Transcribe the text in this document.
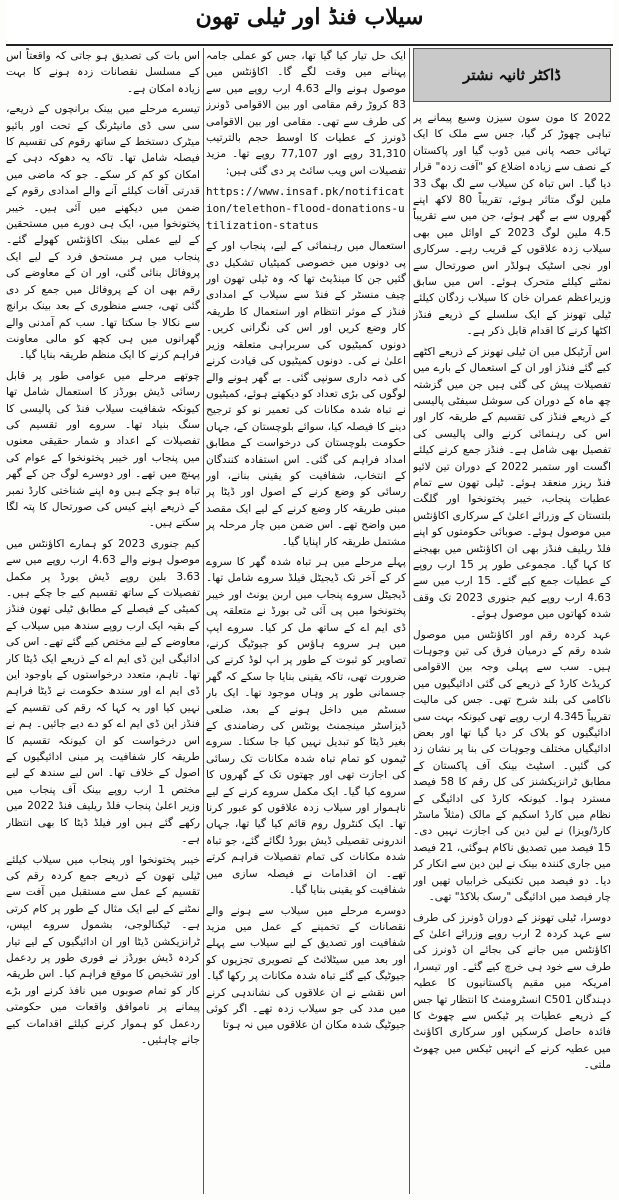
سیلاب فنڈ اور ٹیلی تھون
ڈاکٹر ثانیہ نشتر

2022 کا مون سون سیزن وسیع پیمانے پر تباہی چھوڑ کر گیا، جس سے ملک کا ایک تہائی حصہ پانی میں ڈوب گیا اور پاکستان کے نصف سے زیادہ اضلاع کو "آفت زدہ" قرار دیا گیا۔ اس تباہ کن سیلاب سے لگ بھگ 33 ملین لوگ متاثر ہوئے، تقریباً 80 لاکھ اپنے گھروں سے بے گھر ہوئے، جن میں سے تقریباً 4.5 ملین لوگ 2023 کے اوائل میں بھی سیلاب زدہ علاقوں کے قریب رہے۔ سرکاری اور نجی اسٹیک ہولڈر اس صورتحال سے نمٹنے کیلئے متحرک ہوئے۔ اس میں سابق وزیراعظم عمران خان کا سیلاب زدگان کیلئے ٹیلی تھونز کے ایک سلسلے کے ذریعے فنڈز اکٹھا کرنے کا اقدام قابل ذکر ہے۔

اس آرٹیکل میں ان ٹیلی تھونز کے ذریعے اکٹھے کیے گئے فنڈز اور ان کے استعمال کے بارے میں تفصیلات پیش کی گئی ہیں جن میں گزشتہ چھ ماہ کے دوران کی سوشل سیفٹی پالیسی کے ذریعے فنڈز کی تقسیم کے طریقہ کار اور اس کی رہنمائی کرنے والی پالیسی کی تفصیل بھی شامل ہے۔ فنڈز جمع کرنے کیلئے اگست اور ستمبر 2022 کے دوران تین لائیو فنڈ ریزر منعقد ہوئے۔ ٹیلی تھون سے تمام عطیات پنجاب، خیبر پختونخوا اور گلگت بلتستان کے وزرائے اعلیٰ کے سرکاری اکاؤنٹس میں موصول ہوئے۔ صوبائی حکومتوں کو اپنے فلڈ ریلیف فنڈز بھی ان اکاؤنٹس میں بھیجنے کا کہا گیا۔ مجموعی طور پر 15 ارب روپے کے عطیات جمع کیے گئے۔ 15 ارب میں سے 4.63 ارب روپے کیم جنوری 2023 تک وقف شدہ کھاتوں میں موصول ہوئے۔

عہد کردہ رقم اور اکاؤنٹس میں موصول شدہ رقم کے درمیان فرق کی تین وجوہات ہیں۔ سب سے پہلی وجہ بین الاقوامی کریڈٹ کارڈ کے ذریعے کی گئی ادائیگیوں میں ناکامی کی بلند شرح تھی۔ جس کی مالیت تقریباً 4.345 ارب روپے تھی کیونکہ بہت سی ادائیگیوں کو بلاک کر دیا گیا تھا اور بعض ادائیگیاں مختلف وجوہات کی بنا پر نشان زد کی گئیں۔ اسٹیٹ بینک آف پاکستان کے مطابق ٹرانزیکشنز کی کل رقم کا 58 فیصد مسترد ہوا۔ کیونکہ کارڈ کی ادائیگی کے نظام میں کارڈ اسکیم کے مالک (مثلاً ماسٹر کارڈ/ویزا) نے لین دین کی اجازت نہیں دی۔ 15 فیصد میں تصدیق ناکام ہوگئی، 21 فیصد میں جاری کنندہ بینک نے لین دین سے انکار کر دیا۔ دو فیصد میں تکنیکی خرابیاں تھیں اور چار فیصد میں ادائیگی "رسک بلاکڈ" تھی۔

دوسرا، ٹیلی تھونز کے دوران ڈونرز کی طرف سے عہد کردہ 2 ارب روپے وزرائے اعلیٰ کے اکاؤنٹس میں جانے کی بجائے ان ڈونرز کی طرف سے خود ہی خرچ کیے گئے۔ اور تیسرا، امریکہ میں مقیم پاکستانیوں کا عطیہ دہندگان C501 انسٹرومنٹ کا انتظار تھا جس کے ذریعے عطیات پر ٹیکس سے چھوٹ کا فائدہ حاصل کرسکیں اور سرکاری اکاؤنٹ میں عطیہ کرنے کے انہیں ٹیکس میں چھوٹ ملتی۔

ایک حل تیار کیا گیا تھا، جس کو عملی جامہ پہنانے میں وقت لگے گا۔ اکاؤنٹس میں موصول ہونے والے 4.63 ارب روپے میں سے 83 کروڑ رقم مقامی اور بین الاقوامی ڈونرز کی طرف سے تھی۔ مقامی اور بین الاقوامی ڈونرز کے عطیات کا اوسط حجم بالترتیب 31,310 روپے اور 77,107 روپے تھا۔ مزید تفصیلات اس ویب سائٹ پر دی گئی ہیں:

https://www.insaf.pk/notification/telethon-flood-donations-utilization-status

استعمال میں رہنمائی کے لیے، پنجاب اور کے پی دونوں میں خصوصی کمیٹیاں تشکیل دی گئیں جن کا مینڈیٹ تھا کہ وہ ٹیلی تھون اور چیف منسٹر کے فنڈ سے سیلاب کے امدادی فنڈز کے موثر انتظام اور استعمال کا طریقہ کار وضع کریں اور اس کی نگرانی کریں۔ دونوں کمیٹیوں کی سربراہی متعلقہ وزیر اعلیٰ نے کی۔ دونوں کمیٹیوں کی قیادت کرنے کی ذمہ داری سونپی گئی۔ بے گھر ہونے والے لوگوں کی بڑی تعداد کو دیکھتے ہوئے، کمیٹیوں نے تباہ شدہ مکانات کی تعمیر نو کو ترجیح دینے کا فیصلہ کیا، سوائے بلوچستان کے، جہاں حکومت بلوچستان کی درخواست کے مطابق امداد فراہم کی گئی۔ اس استفادہ کنندگان کے انتخاب، شفافیت کو یقینی بنانے، اور رسائی کو وضع کرنے کے اصول اور ڈیٹا پر مبنی طریقہ کار وضع کرنے کے لیے ایک مقصد میں واضح تھے۔ اس ضمن میں چار مرحلہ پر مشتمل طریقہ کار اپنایا گیا۔

پہلے مرحلے میں ہر تباہ شدہ گھر کا سروے کر کے آخر تک ڈیجیٹل فیلڈ سروے شامل تھا۔ ڈیجیٹل سروے پنجاب میں اربن یونٹ اور خیبر پختونخوا میں پی آئی ٹی بورڈ نے متعلقہ پی ڈی ایم اے کے ساتھ مل کر کیا۔ سروے ایپ میں ہر سروے ہاؤس کو جیوٹیگ کرنے، تصاویر کو ثبوت کے طور پر اپ لوڈ کرنے کی ضرورت تھی، تاکہ یقینی بنایا جا سکے کہ گھر جسمانی طور پر وہاں موجود تھا۔ ایک بار سسٹم میں داخل ہونے کے بعد، ضلعی ڈیزاسٹر مینجمنٹ یونٹس کی رضامندی کے بغیر ڈیٹا کو تبدیل نہیں کیا جا سکتا۔ سروے ٹیموں کو تمام تباہ شدہ مکانات تک رسائی کی اجازت تھی اور چھتوں تک کے گھروں کا سروے کیا گیا۔ ایک مکمل سروے کرنے کے لیے ناہموار اور سیلاب زدہ علاقوں کو عبور کرنا تھا۔ ایک کنٹرول روم قائم کیا گیا تھا، جہاں اندرونی تفصیلی ڈیش بورڈ لگائے گئے، جو تباہ شدہ مکانات کی تمام تفصیلات فراہم کرتے تھے۔ ان اقدامات نے فیصلہ سازی میں شفافیت کو یقینی بنایا گیا۔

دوسرے مرحلے میں سیلاب سے ہونے والے نقصانات کے تخمینے کے عمل میں مزید شفافیت اور تصدیق کے لیے سیلاب سے پہلے اور بعد میں سیٹلائٹ کے تصویری تجزیوں کو جیوٹیگ کیے گئے تباہ شدہ مکانات پر رکھا گیا۔ اس نقشے نے ان علاقوں کی نشاندہی کرنے میں مدد کی جو سیلاب زدہ تھے۔ اگر کوئی جیوٹیگ شدہ مکان ان علاقوں میں نہ ہوتا

اس بات کی تصدیق ہو جاتی کہ واقعتاً اس کے مسلسل نقصانات زدہ ہونے کا بہت زیادہ امکان ہے۔

تیسرے مرحلے میں بینک برانچوں کے ذریعے، سی سی ڈی مانیٹرنگ کے تحت اور بائیو میٹرک دستخط کے ساتھ رقوم کی تقسیم کا فیصلہ شامل تھا۔ تاکہ یہ دھوکہ دہی کے امکان کو کم کر سکے۔ جو کہ ماضی میں قدرتی آفات کیلئے آنے والے امدادی رقوم کے ضمن میں دیکھنے میں آئی ہیں۔ خیبر پختونخوا میں، ایک ہی دورے میں مستحقین کے لیے عملی بینک اکاؤنٹس کھولے گئے۔ پنجاب میں ہر مستحق فرد کے لیے ایک پروفائل بنائی گئی، اور ان کے معاوضے کی رقم بھی ان کے پروفائل میں جمع کر دی گئی تھی، جسے منظوری کے بعد بینک برانچ سے نکالا جا سکتا تھا۔ سب کم آمدنی والے گھرانوں میں ہی کچھ کو مالی معاونت فراہم کرنے کا ایک منظم طریقہ بنایا گیا۔

چوتھے مرحلے میں عوامی طور پر قابل رسائی ڈیش بورڈز کا استعمال شامل تھا کیونکہ شفافیت سیلاب فنڈ کی پالیسی کا سنگ بنیاد تھا۔ سروے اور تقسیم کی تفصیلات کے اعداد و شمار حقیقی معنوں میں پنجاب اور خیبر پختونخوا کے عوام کی پہنچ میں تھے۔ اور دوسرے لوگ جن کے گھر تباہ ہو چکے ہیں وہ اپنے شناختی کارڈ نمبر کے ذریعے اپنے کیس کی صورتحال کا پتہ لگا سکتے ہیں۔

کیم جنوری 2023 کو ہمارے اکاؤنٹس میں موصول ہونے والے 4.63 ارب روپے میں سے 3.63 بلین روپے ڈیش بورڈ پر مکمل تفصیلات کے ساتھ تقسیم کیے جا چکے ہیں۔ کمیٹی کے فیصلے کے مطابق ٹیلی تھون فنڈز کے بقیہ ایک ارب روپے سندھ میں سیلاب کے معاوضے کے لیے مختص کیے گئے تھے۔ اس کی ادائیگی این ڈی ایم اے کے ذریعے ایک ڈیٹا کار تھا۔ تاہم، متعدد درخواستوں کے باوجود این ڈی ایم اے اور سندھ حکومت نے ڈیٹا فراہم نہیں کیا اور یہ کہا کہ رقم کی تقسیم کے فنڈز این ڈی ایم اے کو دے دیے جائیں۔ ہم نے اس درخواست کو ان کیونکہ تقسیم کا طریقہ کار شفافیت پر مبنی ادائیگیوں کے اصول کے خلاف تھا۔ اس لیے سندھ کے لیے مختص 1 ارب روپے بینک آف پنجاب میں وزیر اعلیٰ پنجاب فلڈ ریلیف فنڈ 2022 میں رکھے گئے ہیں اور فیلڈ ڈیٹا کا بھی انتظار ہے۔

خیبر پختونخوا اور پنجاب میں سیلاب کیلئے ٹیلی تھون کے ذریعے جمع کردہ رقم کی تقسیم کے عمل سے مستقبل میں آفت سے نمٹنے کے لیے ایک مثال کے طور پر کام کرتی ہے۔ ٹیکنالوجی، بشمول سروے ایپس، ٹرانزیکشن ڈیٹا اور ان ادائیگیوں کے لیے تیار کردہ ڈیش بورڈز نے فوری طور پر ردعمل اور تشخیص کا موقع فراہم کیا۔ اس طریقہ کار کو تمام صوبوں میں نافذ کرنے اور بڑے پیمانے پر ناموافق واقعات میں حکومتی ردعمل کو ہموار کرنے کیلئے اقدامات کیے جانے چاہئیں۔
